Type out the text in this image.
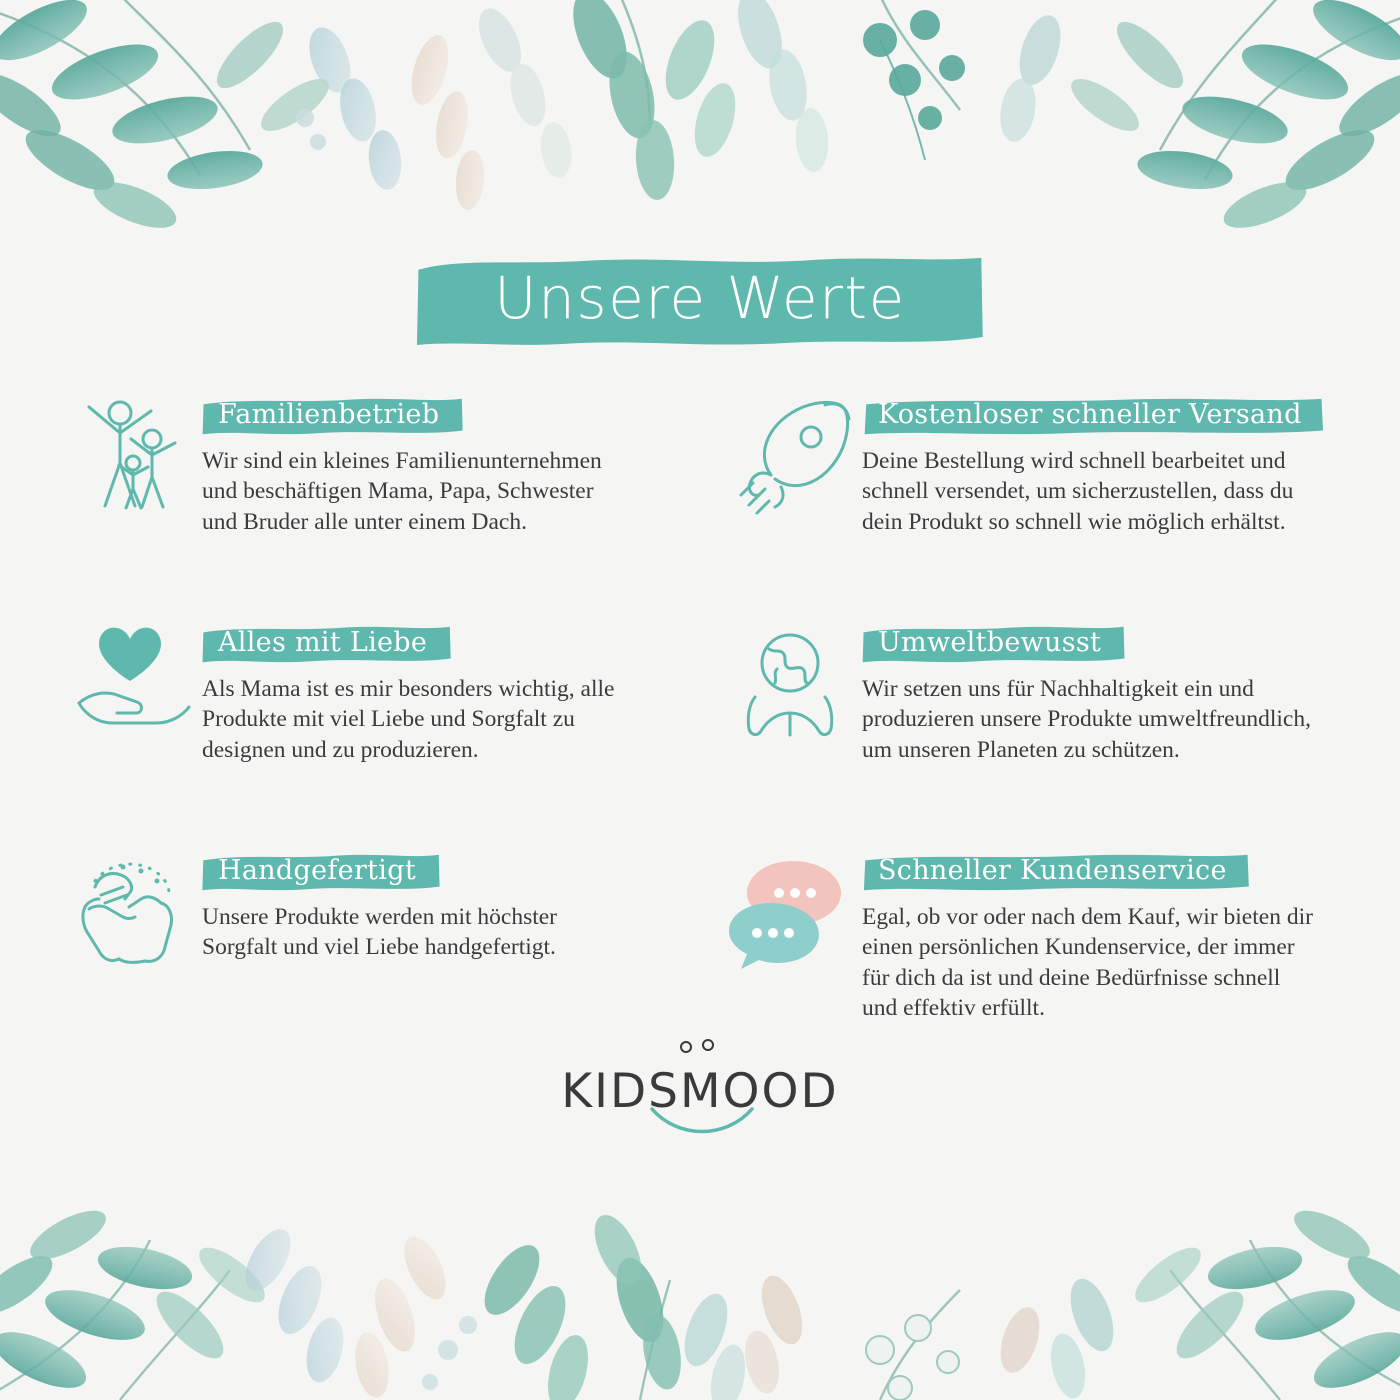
Unsere Werte
Familienbetrieb

Wir sind ein kleines Familienunternehmen und beschäftigen Mama, Papa, Schwester und Bruder alle unter einem Dach.

Kostenloser schneller Versand

Deine Bestellung wird schnell bearbeitet und schnell versendet, um sicherzustellen, dass du dein Produkt so schnell wie möglich erhältst.

Alles mit Liebe

Als Mama ist es mir besonders wichtig, alle Produkte mit viel Liebe und Sorgfalt zu designen und zu produzieren.

Umweltbewusst

Wir setzen uns für Nachhaltigkeit ein und produzieren unsere Produkte umweltfreundlich, um unseren Planeten zu schützen.

Handgefertigt

Unsere Produkte werden mit höchster Sorgfalt und viel Liebe handgefertigt.

Schneller Kundenservice

Egal, ob vor oder nach dem Kauf, wir bieten dir einen persönlichen Kundenservice, der immer für dich da ist und deine Bedürfnisse schnell und effektiv erfüllt.

KIDSMOOD
